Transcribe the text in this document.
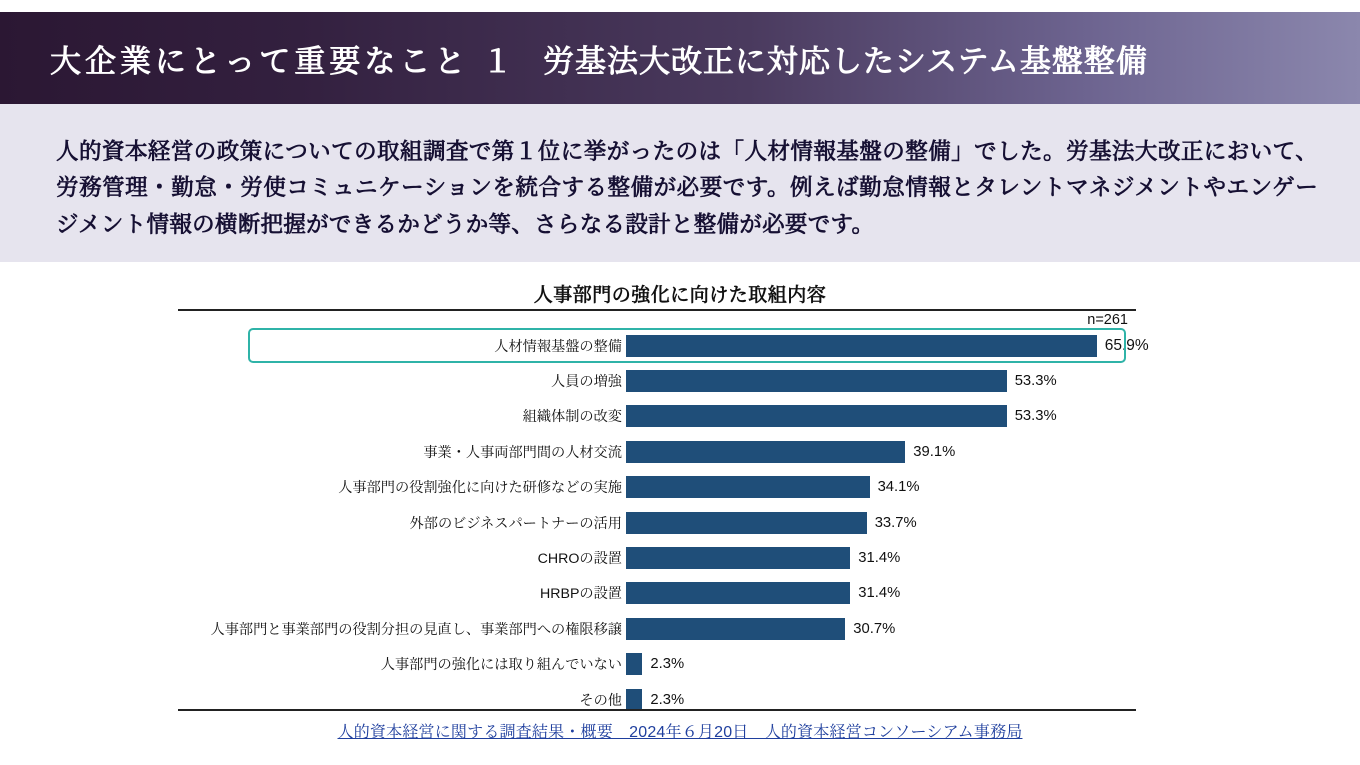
大企業にとって重要なこと １ 労基法大改正に対応したシステム基盤整備
人的資本経営の政策についての取組調査で第１位に挙がったのは「人材情報基盤の整備」でした。労基法大改正において、労務管理・勤怠・労使コミュニケーションを統合する整備が必要です。例えば勤怠情報とタレントマネジメントやエンゲージメント情報の横断把握ができるかどうか等、さらなる設計と整備が必要です。
人事部門の強化に向けた取組内容
n=261
人材情報基盤の整備	65.9%
人員の増強	53.3%
組織体制の改変	53.3%
事業・人事両部門間の人材交流	39.1%
人事部門の役割強化に向けた研修などの実施	34.1%
外部のビジネスパートナーの活用	33.7%
CHROの設置	31.4%
HRBPの設置	31.4%
人事部門と事業部門の役割分担の見直し、事業部門への権限移譲	30.7%
人事部門の強化には取り組んでいない 2.3%
その他 2.3%
人的資本経営に関する調査結果・概要　2024年６月20日　人的資本経営コンソーシアム事務局
